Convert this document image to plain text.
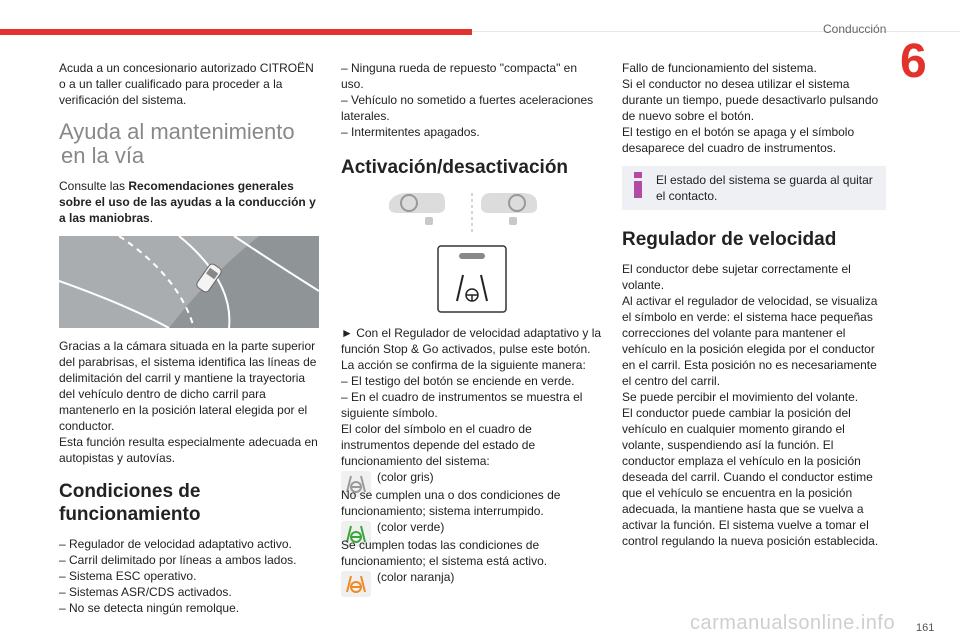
Conducción
6

Acuda a un concesionario autorizado CITROËN o a un taller cualificado para proceder a la verificación del sistema.

Ayuda al mantenimiento
en la vía

Consulte las Recomendaciones generales sobre el uso de las ayudas a la conducción y a las maniobras.

Gracias a la cámara situada en la parte superior del parabrisas, el sistema identifica las líneas de delimitación del carril y mantiene la trayectoria del vehículo dentro de dicho carril para mantenerlo en la posición lateral elegida por el conductor.

Esta función resulta especialmente adecuada en autopistas y autovías.

Condiciones de funcionamiento
– Regulador de velocidad adaptativo activo.
– Carril delimitado por líneas a ambos lados.
– Sistema ESC operativo.
– Sistemas ASR/CDS activados.
– No se detecta ningún remolque.
– Ninguna rueda de repuesto "compacta" en uso.
– Vehículo no sometido a fuertes aceleraciones laterales.
– Intermitentes apagados.
Activación/desactivación

► Con el Regulador de velocidad adaptativo y la función Stop & Go activados, pulse este botón.

La acción se confirma de la siguiente manera:

– El testigo del botón se enciende en verde.
– En el cuadro de instrumentos se muestra el siguiente símbolo.

El color del símbolo en el cuadro de instrumentos depende del estado de funcionamiento del sistema:

(color gris)

No se cumplen una o dos condiciones de funcionamiento; sistema interrumpido.

(color verde)

Se cumplen todas las condiciones de funcionamiento; el sistema está activo.

(color naranja)

Fallo de funcionamiento del sistema.

Si el conductor no desea utilizar el sistema durante un tiempo, puede desactivarlo pulsando de nuevo sobre el botón.

El testigo en el botón se apaga y el símbolo desaparece del cuadro de instrumentos.

El estado del sistema se guarda al quitar el contacto.

Regulador de velocidad

El conductor debe sujetar correctamente el volante.

Al activar el regulador de velocidad, se visualiza el símbolo en verde: el sistema hace pequeñas correcciones del volante para mantener el vehículo en la posición elegida por el conductor en el carril. Esta posición no es necesariamente el centro del carril.

Se puede percibir el movimiento del volante.

El conductor puede cambiar la posición del vehículo en cualquier momento girando el volante, suspendiendo así la función. El conductor emplaza el vehículo en la posición deseada del carril. Cuando el conductor estime que el vehículo se encuentra en la posición adecuada, la mantiene hasta que se vuelva a activar la función. El sistema vuelve a tomar el control regulando la nueva posición establecida.

carmanualsonline.info 161
